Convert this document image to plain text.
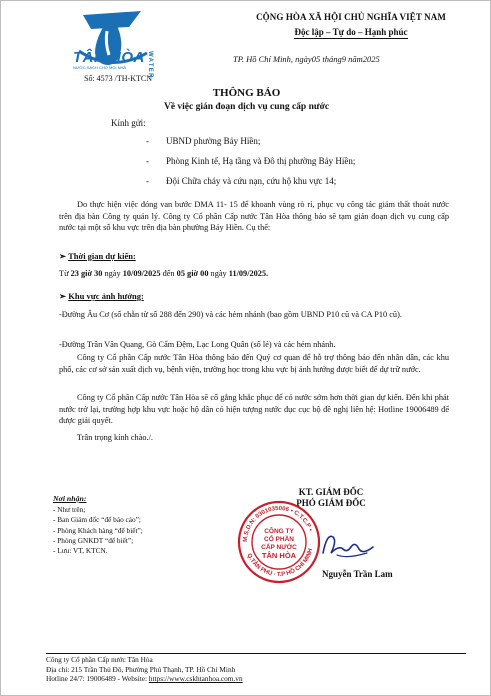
TÂN HÒA
NƯỚC SẠCH CHO MỌI NHÀ	WATER
Số: 4573 /TH-KTCN
CỘNG HÒA XÃ HỘI CHỦ NGHĨA VIỆT NAM
Độc lập – Tự do – Hạnh phúc
TP. Hồ Chí Minh, ngày05 tháng9 năm2025
THÔNG BÁO
Về việc gián đoạn dịch vụ cung cấp nước
Kính gửi:
- UBND phường Bảy Hiền;
- Phòng Kinh tế, Hạ tầng và Đô thị phường Bảy Hiền;
- Đội Chữa cháy và cứu nạn, cứu hộ khu vực 14;
Do thực hiện việc đóng van bước DMA 11- 15 để khoanh vùng rò rỉ, phục vụ công tác giảm thất thoát nước trên địa bàn Công ty quản lý. Công ty Cổ phần Cấp nước Tân Hòa thông báo sẽ tạm gián đoạn dịch vụ cung cấp nước tại một số khu vực trên địa bàn phường Bảy Hiền. Cụ thể:
➢ Thời gian dự kiến:
Từ 23 giờ 30 ngày 10/09/2025 đến 05 giờ 00 ngày 11/09/2025.
➢ Khu vực ảnh hưởng:
-Đường Âu Cơ (số chẵn từ số 288 đến 290) và các hẻm nhánh (bao gồm UBND P10 cũ và CA P10 cũ).
-Đường Trần Văn Quang, Gò Cẩm Đệm, Lạc Long Quân (số lẻ) và các hẻm nhánh.
Công ty Cổ phần Cấp nước Tân Hòa thông báo đến Quý cơ quan để hỗ trợ thông báo đến nhân dân, các khu phố, các cơ sở sản xuất dịch vụ, bệnh viện, trường học trong khu vực bị ảnh hưởng được biết để dự trữ nước.
Công ty Cổ phần Cấp nước Tân Hòa sẽ cố gắng khắc phục để có nước sớm hơn thời gian dự kiến. Đến khi phát nước trở lại, trường hợp khu vực hoặc hộ dân có hiện tượng nước đục cục bộ đề nghị liên hệ: Hotline 19006489 để được giải quyết.
Trân trọng kính chào./.
Nơi nhận:
- Như trên;
- Ban Giám đốc “để báo cáo”;
- Phòng Khách hàng “để biết”;
- Phòng GNKDT “để biết”;
- Lưu: VT, KTCN.
KT. GIÁM ĐỐC
PHÓ GIÁM ĐỐC
M.S.D.N: 0301035006 • C.T.C.P •
Q.TÂN PHÚ - T.P HỒ CHÍ MINH
CÔNG TY
CỔ PHẦN
CẤP NƯỚC
TÂN HÒA
Nguyễn Trần Lam
Công ty Cổ phần Cấp nước Tân Hòa
Địa chỉ: 215 Trần Thủ Đô, Phường Phú Thạnh, TP. Hồ Chí Minh
Hotline 24/7: 19006489 - Website: https://www.cskhtanhoa.com.vn
